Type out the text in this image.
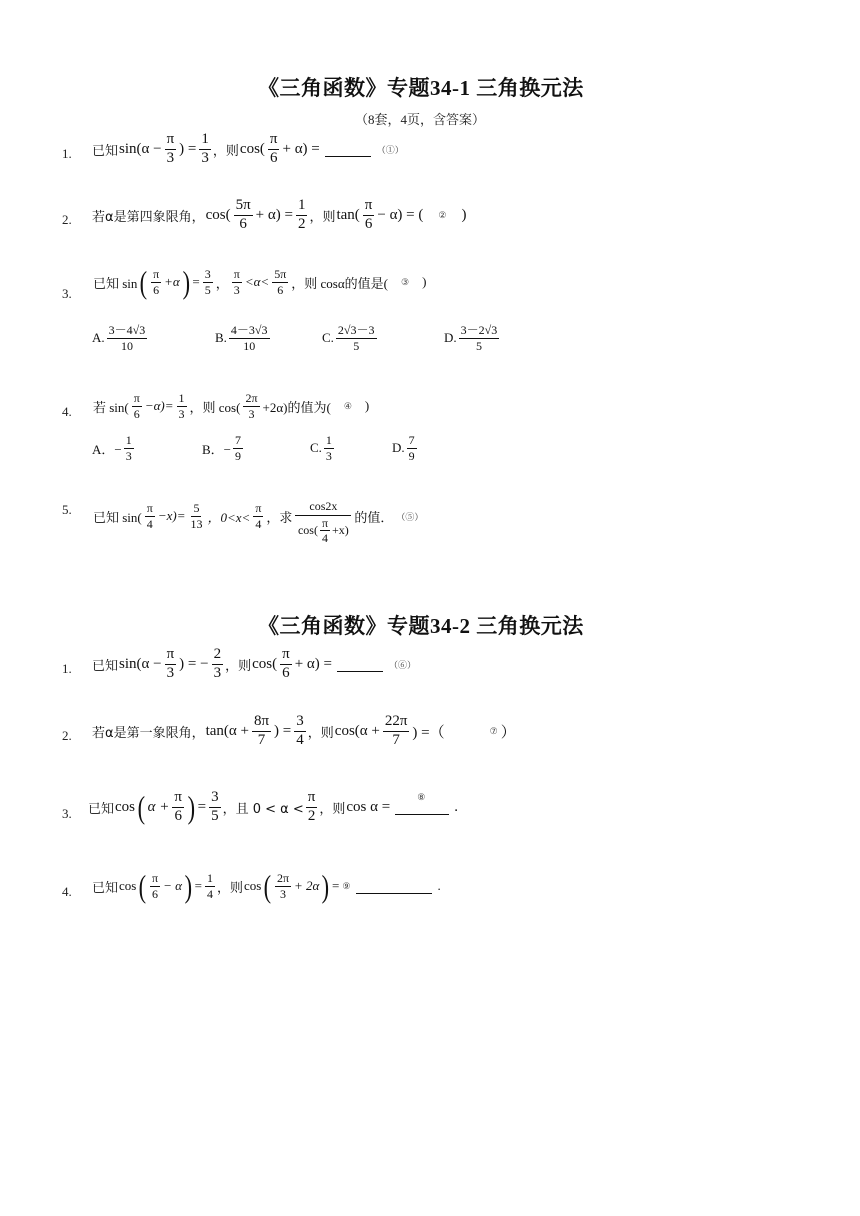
《三角函数》专题34-1 三角换元法
（8套，4页，含答案）
1. 已知 $\sin(\alpha - \frac{\pi}{3}$ ) = $\frac{1}{3}$ ，则 $\cos( \frac{\pi}{6} + \alpha)$ =	（①）
2. 若α是第四象限角， $\cos( \frac{5\pi}{6} + \alpha) = \frac{1}{2}$ ，则 $\tan( \frac{\pi}{6} - \alpha)$ = (	②	)
3.
已知 sin ( $\frac{\pi}{6} +\alpha$ ) = $\frac{3}{5}$ ， $\frac{\pi}{3} <\alpha< \frac{5\pi}{6}$ ，则 cosα的值是(	③	)
A. $\frac{3-4√3}{10}$	B. $\frac{4-3√3}{10}$	C. $\frac{2√3-3}{5}$	D. $\frac{3-2√3}{5}$
4. 若 $\sin( \frac{\pi}{6} -\alpha)= \frac{1}{3}$ ，则 $\cos( \frac{2\pi}{3} +2\alpha)$的值为(	④	)
A．− $\frac{1}{3}$	B．− $\frac{7}{9}$	C. $\frac{1}{3}$	D. $\frac{7}{9}$
5.
已知 $\sin( \frac{\pi}{4} -x)= \frac{5}{13}$ ，$0<x< \frac{\pi}{4}$ ，求 $\frac{\cos 2x}{\cos( \frac{\pi}{4} +x)}$ 的值． （⑤）
《三角函数》专题34-2 三角换元法
1. 已知 $\sin(\alpha - \frac{\pi}{3}$ ) = − $\frac{2}{3}$ ，则 $\cos( \frac{\pi}{6} + \alpha)$ =	（⑥）
2. 若α是第一象限角， $\tan(\alpha + \frac{8\pi}{7}$ ) = $\frac{3}{4}$ ，则 $\cos(\alpha + \frac{22\pi}{7}$ ) =（	⑦ ）
3. 已知 cos ( $\alpha + \frac{\pi}{6}$ ) = $\frac{3}{5}$ ，且 $0 < \alpha < \frac{\pi}{2}$ ，则 cos α =
⑧
.
4. 已知 cos ( $\frac{\pi}{6} - \alpha$ ) = $\frac{1}{4}$ ，则 cos ( $\frac{2\pi}{3} + 2\alpha$ ) = ⑨	.
